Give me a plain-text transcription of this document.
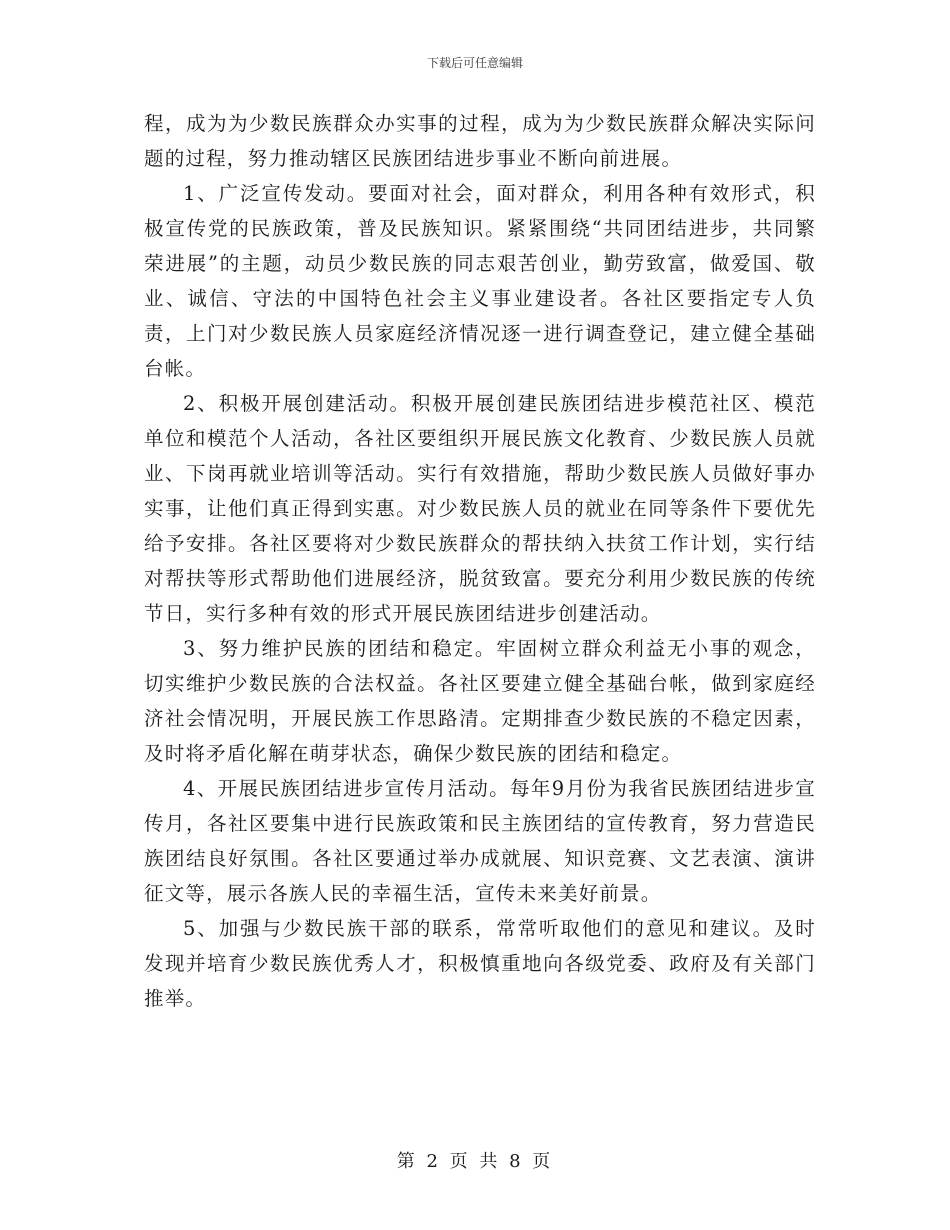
下载后可任意编辑

程，成为为少数民族群众办实事的过程，成为为少数民族群众解决实际问题的过程，努力推动辖区民族团结进步事业不断向前进展。

1、广泛宣传发动。要面对社会，面对群众，利用各种有效形式，积极宣传党的民族政策，普及民族知识。紧紧围绕“共同团结进步，共同繁荣进展”的主题，动员少数民族的同志艰苦创业，勤劳致富，做爱国、敬业、诚信、守法的中国特色社会主义事业建设者。各社区要指定专人负责，上门对少数民族人员家庭经济情况逐一进行调查登记，建立健全基础台帐。

2、积极开展创建活动。积极开展创建民族团结进步模范社区、模范单位和模范个人活动，各社区要组织开展民族文化教育、少数民族人员就业、下岗再就业培训等活动。实行有效措施，帮助少数民族人员做好事办实事，让他们真正得到实惠。对少数民族人员的就业在同等条件下要优先给予安排。各社区要将对少数民族群众的帮扶纳入扶贫工作计划，实行结对帮扶等形式帮助他们进展经济，脱贫致富。要充分利用少数民族的传统节日，实行多种有效的形式开展民族团结进步创建活动。

3、努力维护民族的团结和稳定。牢固树立群众利益无小事的观念，切实维护少数民族的合法权益。各社区要建立健全基础台帐，做到家庭经济社会情况明，开展民族工作思路清。定期排查少数民族的不稳定因素，及时将矛盾化解在萌芽状态，确保少数民族的团结和稳定。

4、开展民族团结进步宣传月活动。每年9月份为我省民族团结进步宣传月，各社区要集中进行民族政策和民主族团结的宣传教育，努力营造民族团结良好氛围。各社区要通过举办成就展、知识竞赛、文艺表演、演讲征文等，展示各族人民的幸福生活，宣传未来美好前景。

5、加强与少数民族干部的联系，常常听取他们的意见和建议。及时发现并培育少数民族优秀人才，积极慎重地向各级党委、政府及有关部门推举。

第 2 页 共 8 页
